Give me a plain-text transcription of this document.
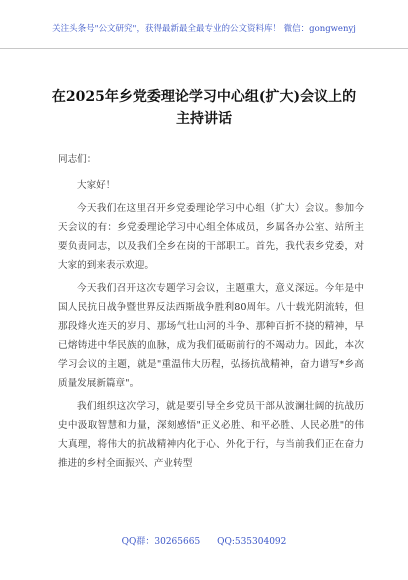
关注头条号"公文研究"，获得最新最全最专业的公文资料库！ 微信：gongwenyj
在2025年乡党委理论学习中心组(扩大)会议上的
主持讲话

同志们：

大家好！

今天我们在这里召开乡党委理论学习中心组（扩大）会议。参加今天会议的有：乡党委理论学习中心组全体成员，乡属各办公室、站所主要负责同志，以及我们全乡在岗的干部职工。首先，我代表乡党委，对大家的到来表示欢迎。

今天我们召开这次专题学习会议，主题重大，意义深远。今年是中国人民抗日战争暨世界反法西斯战争胜利80周年。八十载光阴流转，但那段烽火连天的岁月、那场气壮山河的斗争、那种百折不挠的精神，早已熔铸进中华民族的血脉，成为我们砥砺前行的不竭动力。因此，本次学习会议的主题，就是"重温伟大历程，弘扬抗战精神，奋力谱写*乡高质量发展新篇章"。

我们组织这次学习，就是要引导全乡党员干部从波澜壮阔的抗战历史中汲取智慧和力量，深刻感悟"正义必胜、和平必胜、人民必胜"的伟大真理，将伟大的抗战精神内化于心、外化于行，与当前我们正在奋力推进的乡村全面振兴、产业转型

QQ群：30265665 QQ:535304092
